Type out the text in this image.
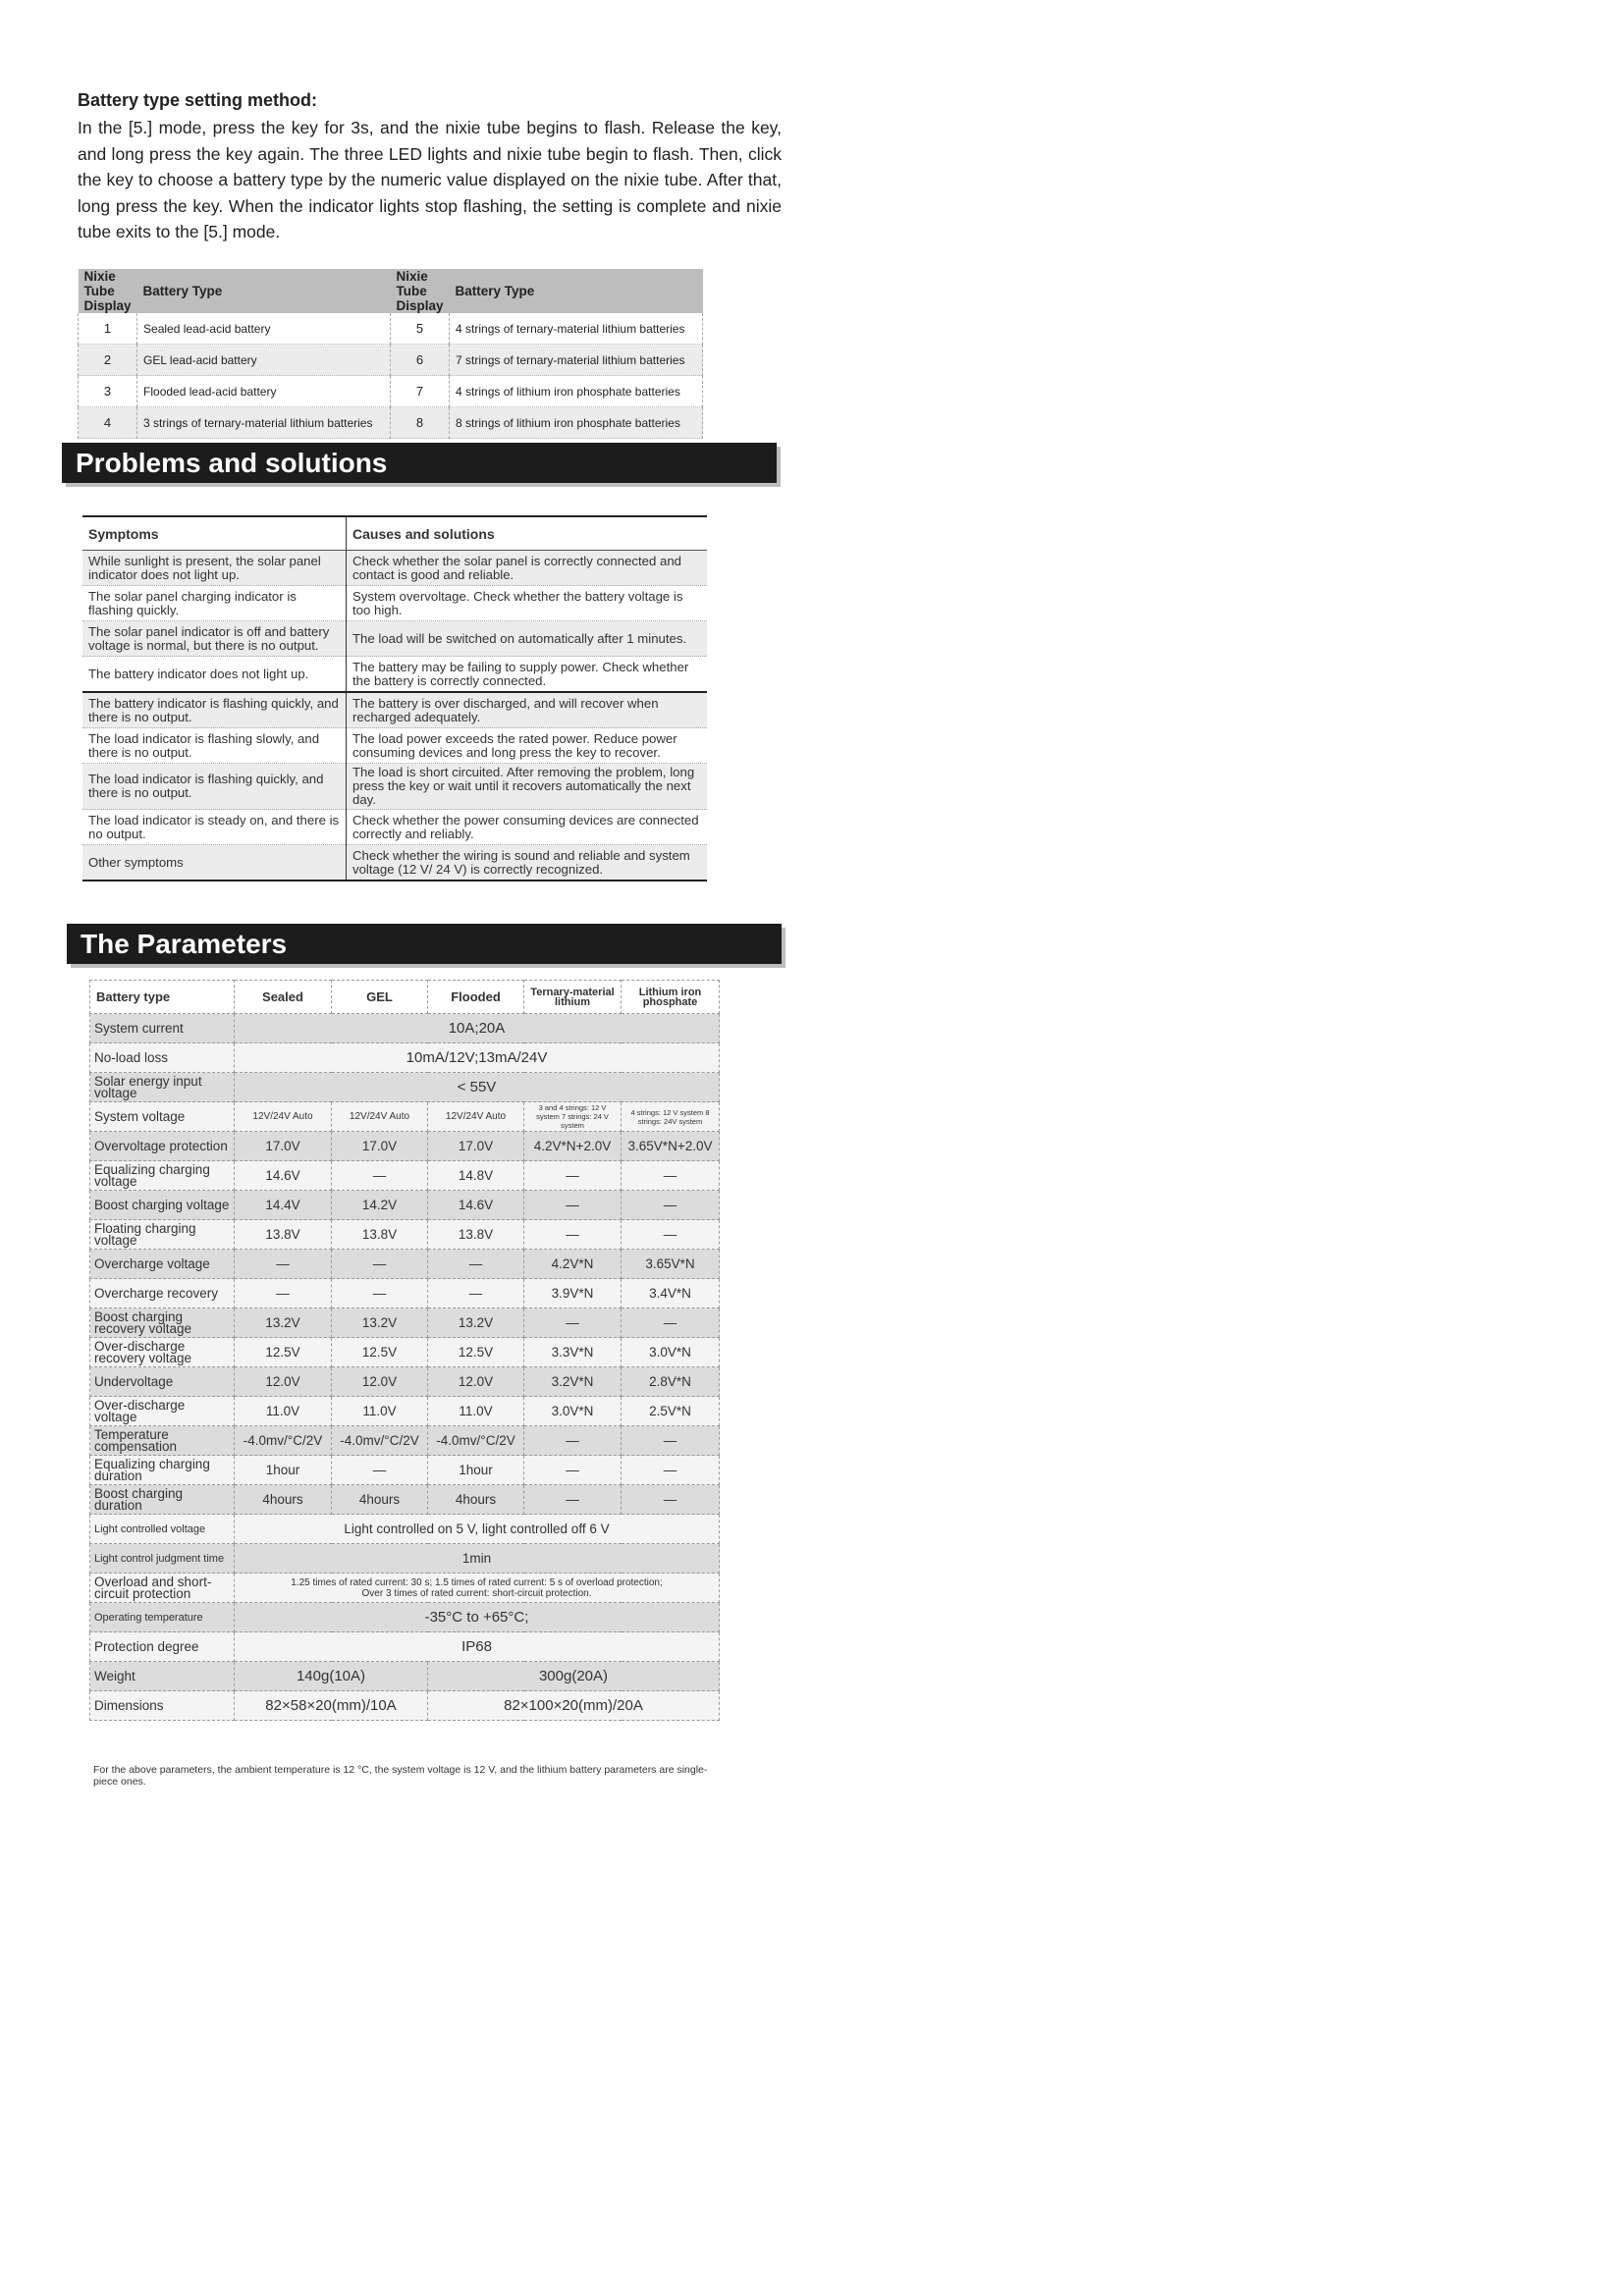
Battery type setting method:

In the [5.] mode, press the key for 3s, and the nixie tube begins to flash. Release the key, and long press the key again. The three LED lights and nixie tube begin to flash. Then, click the key to choose a battery type by the numeric value displayed on the nixie tube. After that, long press the key. When the indicator lights stop flashing, the setting is complete and nixie tube exits to the [5.] mode.

Nixie Tube Display	Battery Type	Nixie Tube Display	Battery Type
1	Sealed lead-acid battery	5	4 strings of ternary-material lithium batteries
2	GEL lead-acid battery	6	7 strings of ternary-material lithium batteries
3	Flooded lead-acid battery	7	4 strings of lithium iron phosphate batteries
4	3 strings of ternary-material lithium batteries	8	8 strings of lithium iron phosphate batteries
Problems and solutions
Symptoms	Causes and solutions
While sunlight is present, the solar panel indicator does not light up.	Check whether the solar panel is correctly connected and contact is good and reliable.
The solar panel charging indicator is flashing quickly.	System overvoltage. Check whether the battery voltage is too high.
The solar panel indicator is off and battery voltage is normal, but there is no output.	The load will be switched on automatically after 1 minutes.
The battery indicator does not light up.	The battery may be failing to supply power. Check whether the battery is correctly connected.
The battery indicator is flashing quickly, and there is no output.	The battery is over discharged, and will recover when recharged adequately.
The load indicator is flashing slowly, and there is no output.	The load power exceeds the rated power. Reduce power consuming devices and long press the key to recover.
The load indicator is flashing quickly, and there is no output.	The load is short circuited. After removing the problem, long press the key or wait until it recovers automatically the next day.
The load indicator is steady on, and there is no output.	Check whether the power consuming devices are connected correctly and reliably.
Other symptoms	Check whether the wiring is sound and reliable and system voltage (12 V/ 24 V) is correctly recognized.
The Parameters
Battery type	Sealed	GEL	Flooded	Ternary-material lithium	Lithium iron phosphate
System current	10A;20A				
No-load loss	10mA/12V;13mA/24V				
Solar energy input voltage	< 55V				
System voltage	12V/24V Auto	12V/24V Auto	12V/24V Auto	3 and 4 strings: 12 V system 7 strings: 24 V system	4 strings: 12 V system 8 strings: 24V system
Overvoltage protection	17.0V	17.0V	17.0V	4.2V*N+2.0V	3.65V*N+2.0V
Equalizing charging voltage	14.6V	—	14.8V	—	—
Boost charging voltage	14.4V	14.2V	14.6V	—	—
Floating charging voltage	13.8V	13.8V	13.8V	—	—
Overcharge voltage	—	—	—	4.2V*N	3.65V*N
Overcharge recovery	—	—	—	3.9V*N	3.4V*N
Boost charging recovery voltage	13.2V	13.2V	13.2V	—	—
Over-discharge recovery voltage	12.5V	12.5V	12.5V	3.3V*N	3.0V*N
Undervoltage	12.0V	12.0V	12.0V	3.2V*N	2.8V*N
Over-discharge voltage	11.0V	11.0V	11.0V	3.0V*N	2.5V*N
Temperature compensation	-4.0mv/°C/2V	-4.0mv/°C/2V	-4.0mv/°C/2V	—	—
Equalizing charging duration	1hour	—	1hour	—	—
Boost charging duration	4hours	4hours	4hours	—	—
Light controlled voltage	Light controlled on 5 V, light controlled off 6 V				
Light control judgment time	1min				
Overload and short-circuit protection	1.25 times of rated current: 30 s; 1.5 times of rated current: 5 s of overload protection;
Over 3 times of rated current: short-circuit protection.				

Operating temperature	-35°C to +65°C;				
Protection degree	IP68				
Weight	140g(10A)		300g(20A)		
Dimensions	82×58×20(mm)/10A		82×100×20(mm)/20A		
For the above parameters, the ambient temperature is 12 °C, the system voltage is 12 V, and the lithium battery parameters are single-piece ones.
